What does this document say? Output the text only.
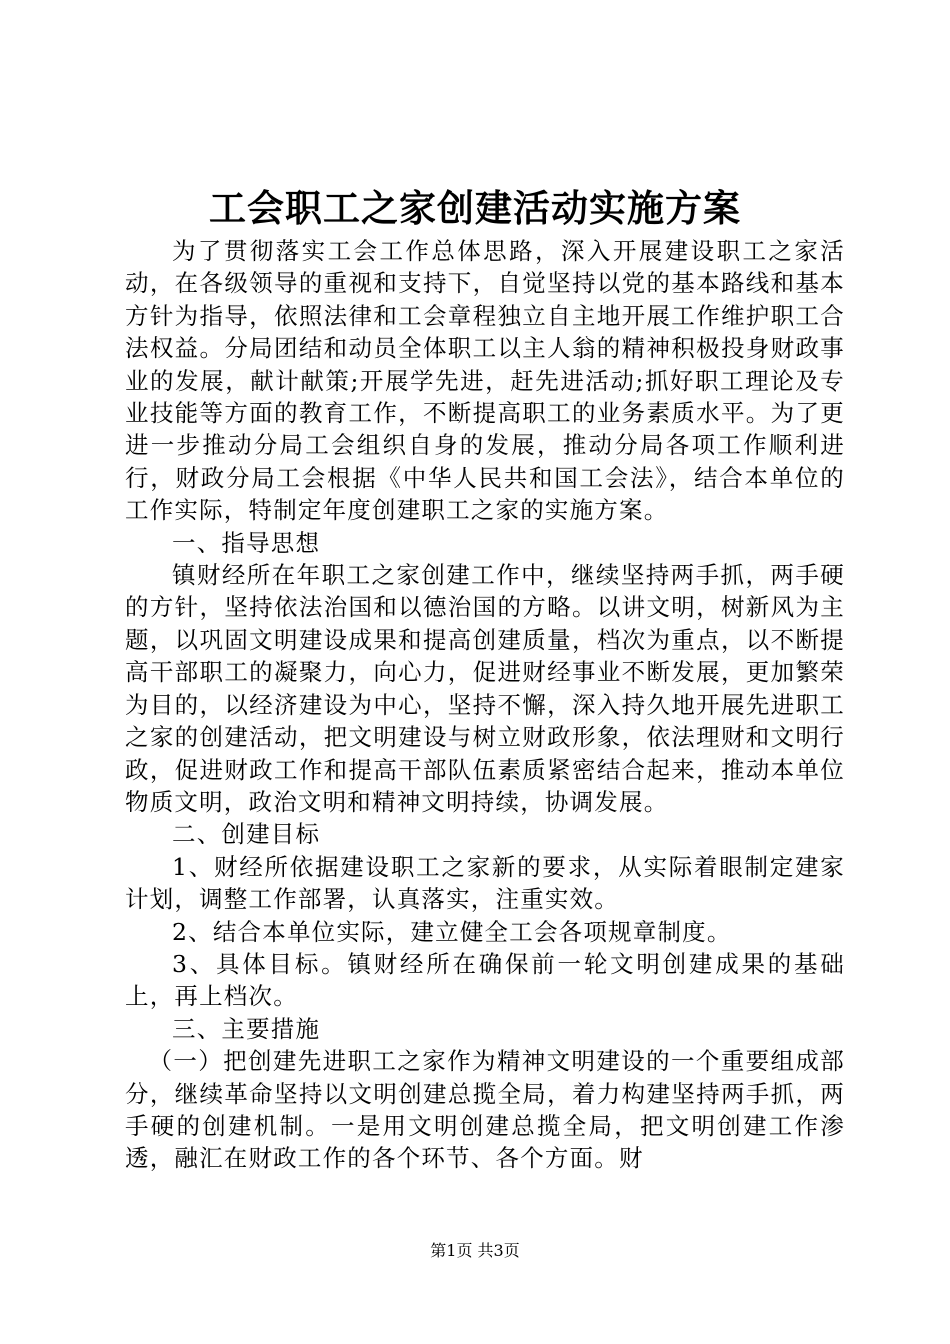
工会职工之家创建活动实施方案

为了贯彻落实工会工作总体思路，深入开展建设职工之家活动，在各级领导的重视和支持下，自觉坚持以党的基本路线和基本方针为指导，依照法律和工会章程独立自主地开展工作维护职工合法权益。分局团结和动员全体职工以主人翁的精神积极投身财政事业的发展，献计献策;开展学先进，赶先进活动;抓好职工理论及专业技能等方面的教育工作，不断提高职工的业务素质水平。为了更进一步推动分局工会组织自身的发展，推动分局各项工作顺利进行，财政分局工会根据《中华人民共和国工会法》，结合本单位的工作实际，特制定年度创建职工之家的实施方案。

一、指导思想

镇财经所在年职工之家创建工作中，继续坚持两手抓，两手硬的方针，坚持依法治国和以德治国的方略。以讲文明，树新风为主题，以巩固文明建设成果和提高创建质量，档次为重点，以不断提高干部职工的凝聚力，向心力，促进财经事业不断发展，更加繁荣为目的，以经济建设为中心，坚持不懈，深入持久地开展先进职工之家的创建活动，把文明建设与树立财政形象，依法理财和文明行政，促进财政工作和提高干部队伍素质紧密结合起来，推动本单位物质文明，政治文明和精神文明持续，协调发展。

二、创建目标

1、财经所依据建设职工之家新的要求，从实际着眼制定建家计划，调整工作部署，认真落实，注重实效。

2、结合本单位实际，建立健全工会各项规章制度。

3、具体目标。镇财经所在确保前一轮文明创建成果的基础上，再上档次。

三、主要措施

（一）把创建先进职工之家作为精神文明建设的一个重要组成部分，继续革命坚持以文明创建总揽全局，着力构建坚持两手抓，两手硬的创建机制。一是用文明创建总揽全局，把文明创建工作渗透，融汇在财政工作的各个环节、各个方面。财

第1页 共3页
